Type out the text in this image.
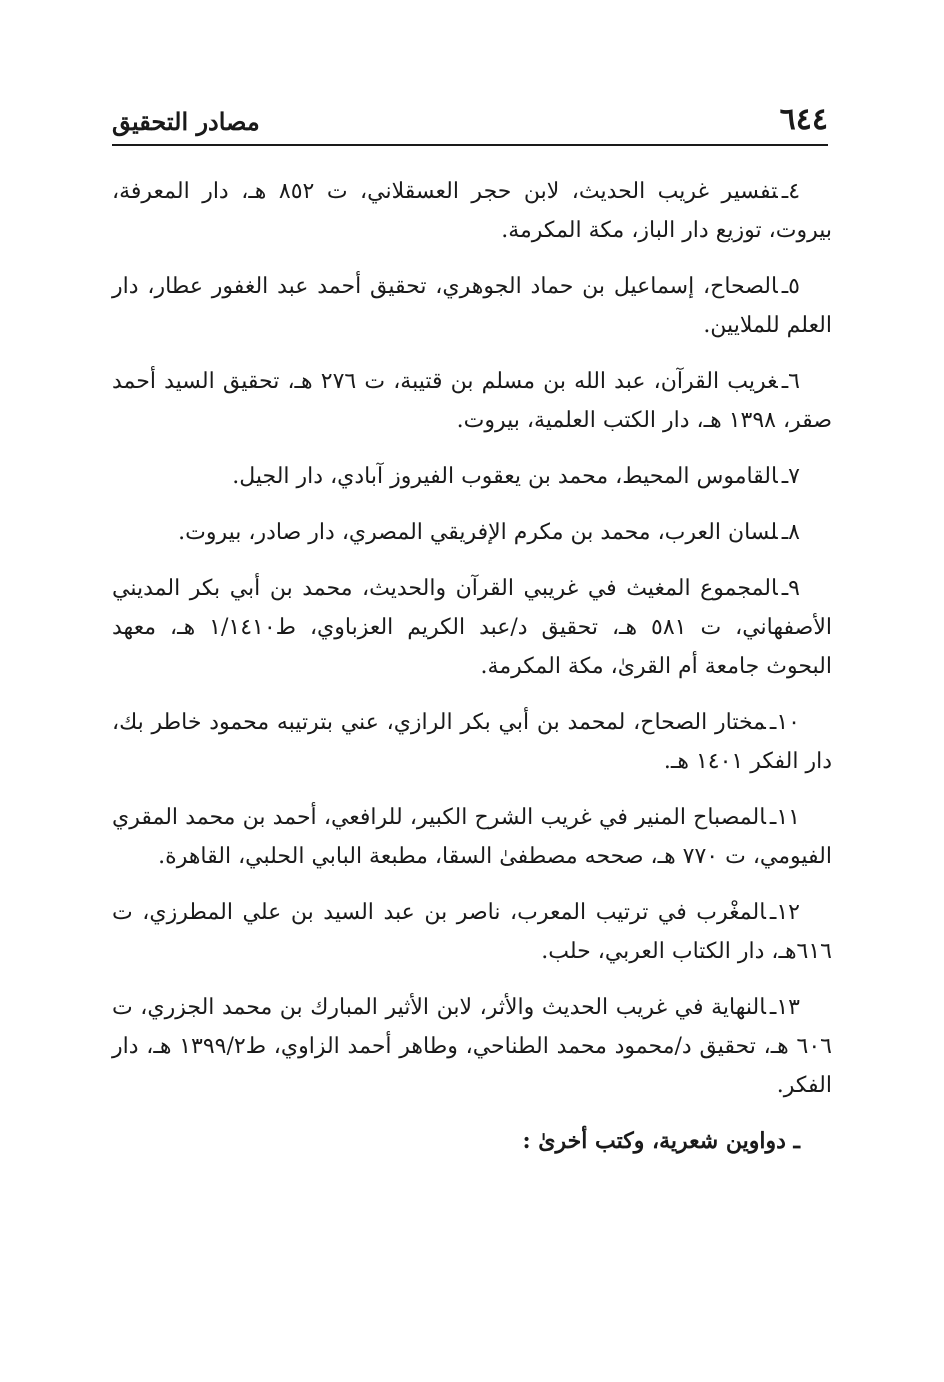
٦٤٤
مصادر التحقيق

٤ـتفسير غريب الحديث، لابن حجر العسقلاني، ت ٨٥٢ هـ، دار المعرفة، بيروت، توزيع دار الباز، مكة المكرمة.

٥ـالصحاح، إسماعيل بن حماد الجوهري، تحقيق أحمد عبد الغفور عطار، دار العلم للملايين.

٦ـغريب القرآن، عبد الله بن مسلم بن قتيبة، ت ٢٧٦ هـ، تحقيق السيد أحمد صقر، ١٣٩٨ هـ، دار الكتب العلمية، بيروت.

٧ـالقاموس المحيط، محمد بن يعقوب الفيروز آبادي، دار الجيل.

٨ـلسان العرب، محمد بن مكرم الإفريقي المصري، دار صادر، بيروت.

٩ـالمجموع المغيث في غريبي القرآن والحديث، محمد بن أبي بكر المديني الأصفهاني، ت ٥٨١ هـ، تحقيق د/عبد الكريم العزباوي، ط١/١٤١٠ هـ، معهد البحوث جامعة أم القرىٰ، مكة المكرمة.

١٠ـمختار الصحاح، لمحمد بن أبي بكر الرازي، عني بترتيبه محمود خاطر بك، دار الفكر ١٤٠١ هـ.

١١ـالمصباح المنير في غريب الشرح الكبير، للرافعي، أحمد بن محمد المقري الفيومي، ت ٧٧٠ هـ، صححه مصطفىٰ السقا، مطبعة البابي الحلبي، القاهرة.

١٢ـالمغْرب في ترتيب المعرب، ناصر بن عبد السيد بن علي المطرزي، ت ٦١٦هـ، دار الكتاب العربي، حلب.

١٣ـالنهاية في غريب الحديث والأثر، لابن الأثير المبارك بن محمد الجزري، ت ٦٠٦ هـ، تحقيق د/محمود محمد الطناحي، وطاهر أحمد الزاوي، ط١٣٩٩/٢ هـ، دار الفكر.

ـ دواوين شعرية، وكتب أخرىٰ :
